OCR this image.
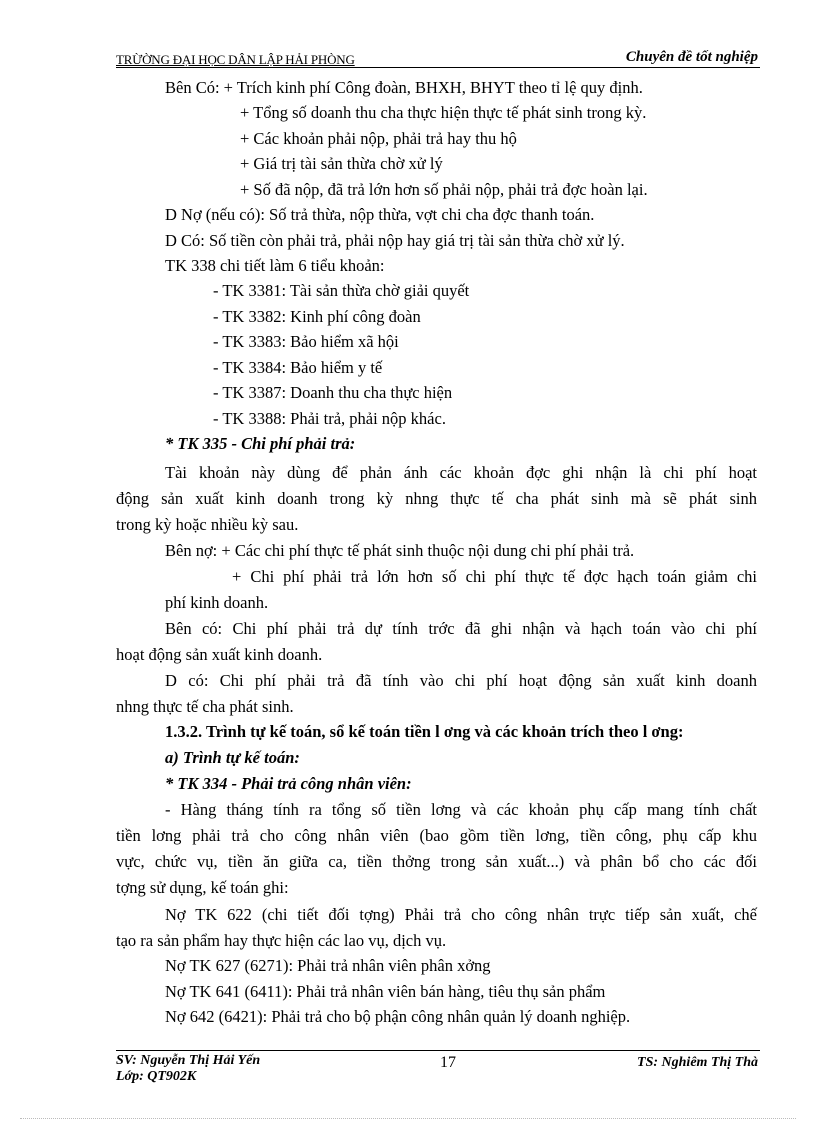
TRỪỜNG ĐẠI HỌC DÂN LẬP HẢI PHÒNG	Chuyên đề tốt nghiệp
Bên Có: + Trích kinh phí Công đoàn, BHXH, BHYT theo tỉ lệ quy định.
+ Tổng số doanh thu cha thực hiện thực tế phát sinh trong kỳ.
+ Các khoản phải nộp, phải trả hay thu hộ
+ Giá trị tài sản thừa chờ xử lý
+ Số đã nộp, đã trả lớn hơn số phải nộp, phải trả đợc hoàn lại.
D Nợ (nếu có): Số trả thừa, nộp thừa, vợt chi cha đợc thanh toán.
D Có: Số tiền còn phải trả, phải nộp hay giá trị tài sản thừa chờ xử lý.
TK 338 chi tiết làm 6 tiểu khoản:
- TK 3381: Tài sản thừa chờ giải quyết
- TK 3382: Kinh phí công đoàn
- TK 3383: Bảo hiểm xã hội
- TK 3384: Bảo hiểm y tế
- TK 3387: Doanh thu cha thực hiện
- TK 3388: Phải trả, phải nộp khác.
* TK 335 - Chi phí phải trả:
Tài khoản này dùng để phản ánh các khoản đợc ghi nhận là chi phí hoạt
động sản xuất kinh doanh trong kỳ nhng thực tế cha phát sinh mà sẽ phát sinh
trong kỳ hoặc nhiều kỳ sau.
Bên nợ: + Các chi phí thực tế phát sinh thuộc nội dung chi phí phải trả.
+ Chi phí phải trả lớn hơn số chi phí thực tế đợc hạch toán giảm chi
phí kinh doanh.
Bên có: Chi phí phải trả dự tính trớc đã ghi nhận và hạch toán vào chi phí
hoạt động sản xuất kinh doanh.
D có: Chi phí phải trả đã tính vào chi phí hoạt động sản xuất kinh doanh
nhng thực tế cha phát sinh.
1.3.2. Trình tự kế toán, sổ kế toán tiền l ơng và các khoản trích theo l ơng:
a) Trình tự kế toán:
* TK 334 - Phải trả công nhân viên:
- Hàng tháng tính ra tổng số tiền lơng và các khoản phụ cấp mang tính chất
tiền lơng phải trả cho công nhân viên (bao gồm tiền lơng, tiền công, phụ cấp khu
vực, chức vụ, tiền ăn giữa ca, tiền thởng trong sản xuất...) và phân bổ cho các đối
tợng sử dụng, kế toán ghi:
Nợ TK 622 (chi tiết đối tợng) Phải trả cho công nhân trực tiếp sản xuất, chế
tạo ra sản phẩm hay thực hiện các lao vụ, dịch vụ.
Nợ TK 627 (6271): Phải trả nhân viên phân xởng
Nợ TK 641 (6411): Phải trả nhân viên bán hàng, tiêu thụ sản phẩm
Nợ 642 (6421): Phải trả cho bộ phận công nhân quản lý doanh nghiệp.
SV: Nguyễn Thị Hải Yến
Lớp: QT902K
17	TS: Nghiêm Thị Thà
